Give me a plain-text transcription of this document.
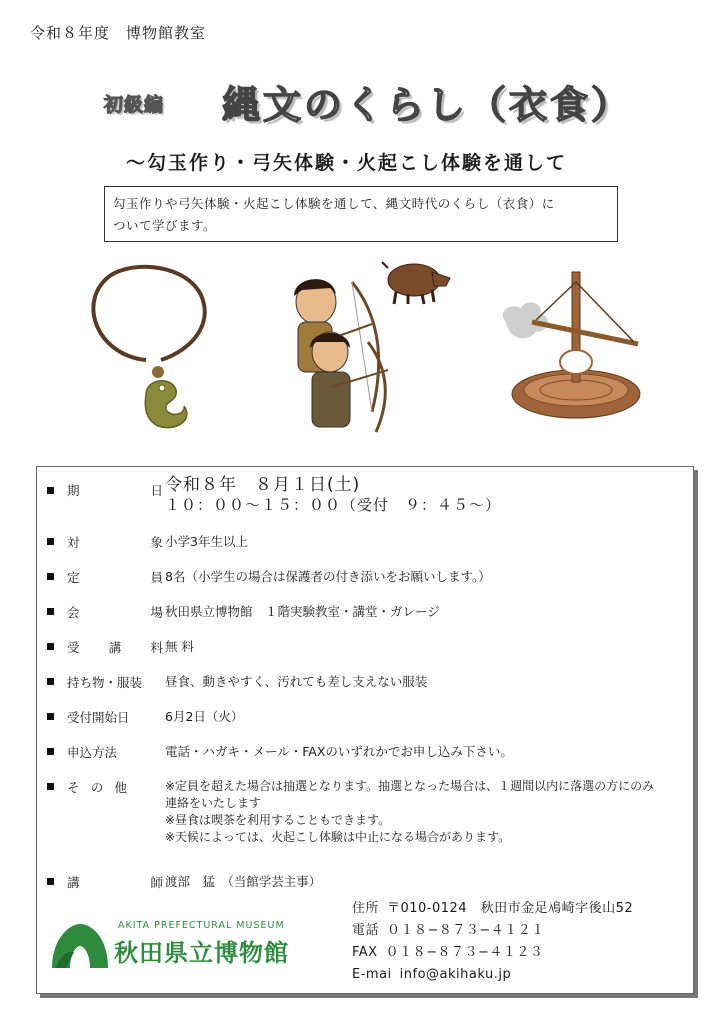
令和８年度　博物館教室
初級編 縄文のくらし（衣食）
〜勾玉作り・弓矢体験・火起こし体験を通して
勾玉作りや弓矢体験・火起こし体験を通して、縄文時代のくらし（衣食）に
ついて学びます。
期	日 令和８年　８月１日(土)
１０：００〜１５：００（受付　９：４５〜）
対	象 小学3年生以上
定	員 8名（小学生の場合は保護者の付き添いをお願いします。）
会	場 秋田県立博物館　１階実験教室・講堂・ガレージ
受 講 料 無 料
持ち物・服装	昼食、動きやすく、汚れても差し支えない服装
受付開始日	6月2日（火）
申込方法	電話・ハガキ・メール・FAXのいずれかでお申し込み下さい。
そ の 他	※定員を超えた場合は抽選となります。抽選となった場合は、１週間以内に落選の方にのみ
連絡をいたします
※昼食は喫茶を利用することもできます。
※天候によっては、火起こし体験は中止になる場合があります。
講	師 渡部　猛　（当館学芸主事）
AKITA PREFECTURAL MUSEUM
秋田県立博物館
住所 〒010-0124　秋田市金足鳰崎字後山52
電話 ０１８−８７３−４１２１
FAX ０１８−８７３−４１２３
E-mai info@akihaku.jp
